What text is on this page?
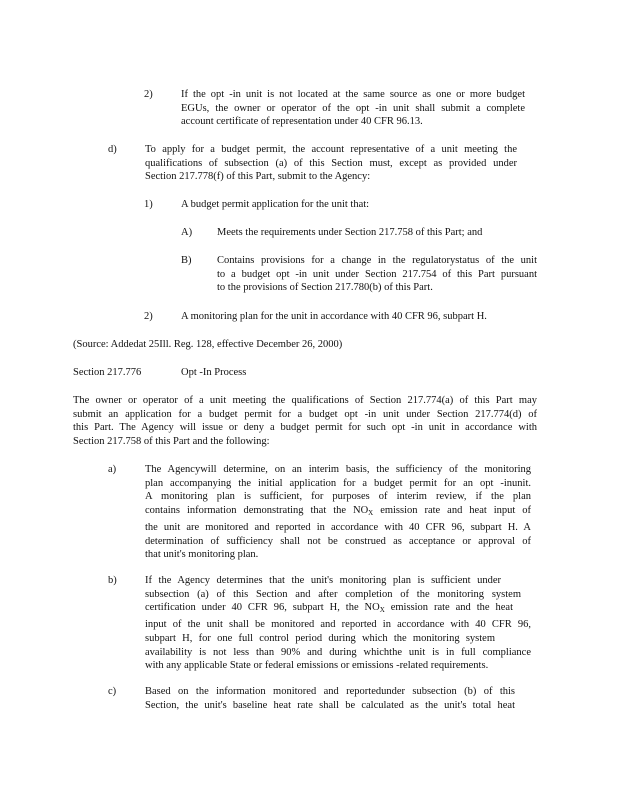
2)	If the opt -in unit is not located at the same source as one or more budget
EGUs, the owner or operator of the opt -in unit shall submit a complete
account certificate of representation under 40 CFR 96.13.
d)	To apply for a budget permit, the account representative of a unit meeting the
qualifications of subsection (a) of this Section must, except as provided under
Section 217.778(f) of this Part, submit to the Agency:
1)	A budget permit application for the unit that:
A) Meets the requirements under Section 217.758 of this Part; and
B) Contains provisions for a change in the regulatorystatus of the unit
to a budget opt -in unit under Section 217.754 of this Part pursuant
to the provisions of Section 217.780(b) of this Part.
2)	A monitoring plan for the unit in accordance with 40 CFR 96, subpart H.
(Source: Addedat 25Ill. Reg. 128, effective December 26, 2000)
Section 217.776	Opt -In Process
The owner or operator of a unit meeting the qualifications of Section 217.774(a) of this Part may
submit an application for a budget permit for a budget opt -in unit under Section 217.774(d) of
this Part. The Agency will issue or deny a budget permit for such opt -in unit in accordance with
Section 217.758 of this Part and the following:
a)	The Agencywill determine, on an interim basis, the sufficiency of the monitoring
plan accompanying the initial application for a budget permit for an opt -inunit.
A monitoring plan is sufficient, for purposes of interim review, if the plan
contains information demonstrating that the $NO_X$ emission rate and heat input of
the unit are monitored and reported in accordance with 40 CFR 96, subpart H. A
determination of sufficiency shall not be construed as acceptance or approval of
that unit's monitoring plan.
b)	If the Agency determines that the unit's monitoring plan is sufficient under
subsection (a) of this Section and after completion of the monitoring system
certification under 40 CFR 96, subpart H, the $NO_X$ emission rate and the heat
input of the unit shall be monitored and reported in accordance with 40 CFR 96,
subpart H, for one full control period during which the monitoring system
availability is not less than 90% and during whichthe unit is in full compliance
with any applicable State or federal emissions or emissions -related requirements.
c)	Based on the information monitored and reportedunder subsection (b) of this
Section, the unit's baseline heat rate shall be calculated as the unit's total heat
